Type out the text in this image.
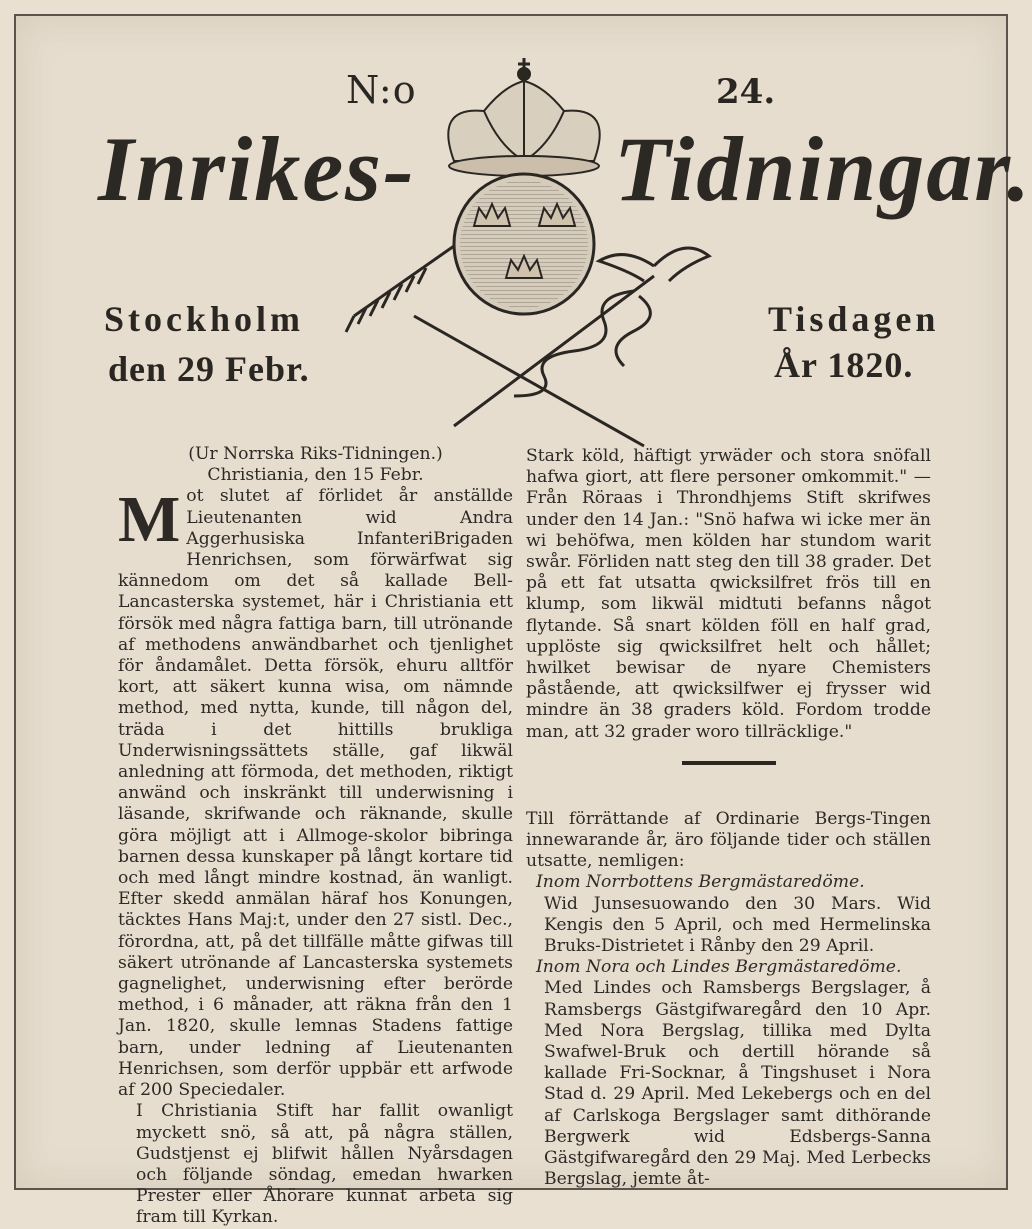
N:o	24.
Inrikes- Tidningar.
Stockholm
den 29 Febr.
Tisdagen
År 1820.

(Ur Norrska Riks-Tidningen.)

Christiania, den 15 Febr.

Mot slutet af förlidet år anställde Lieutenanten wid Andra Aggerhusiska InfanteriBrigaden Henrichsen, som förwärfwat sig kännedom om det så kallade Bell-Lancasterska systemet, här i Christiania ett försök med några fattiga barn, till utrönande af methodens anwändbarhet och tjenlighet för åndamålet. Detta försök, ehuru alltför kort, att säkert kunna wisa, om nämnde method, med nytta, kunde, till någon del, träda i det hittills brukliga Underwisningssättets ställe, gaf likwäl anledning att förmoda, det methoden, riktigt anwänd och inskränkt till underwisning i läsande, skrifwande och räknande, skulle göra möjligt att i Allmoge-skolor bibringa barnen dessa kunskaper på långt kortare tid och med långt mindre kostnad, än wanligt. Efter skedd anmälan häraf hos Konungen, täcktes Hans Maj:t, under den 27 sistl. Dec., förordna, att, på det tillfälle måtte gifwas till säkert utrönande af Lancasterska systemets gagnelighet, underwisning efter berörde method, i 6 månader, att räkna från den 1 Jan. 1820, skulle lemnas Stadens fattige barn, under ledning af Lieutenanten Henrichsen, som derför uppbär ett arfwode af 200 Speciedaler.

I Christiania Stift har fallit owanligt myckett snö, så att, på några ställen, Gudstjenst ej blifwit hållen Nyårsdagen och följande söndag, emedan hwarken Prester eller Åhörare kunnat arbeta sig fram till Kyrkan.

Stark köld, häftigt yrwäder och stora snöfall hafwa giort, att flere personer omkommit." — Från Röraas i Throndhjems Stift skrifwes under den 14 Jan.: "Snö hafwa wi icke mer än wi behöfwa, men kölden har stundom warit swår. Förliden natt steg den till 38 grader. Det på ett fat utsatta qwicksilfret frös till en klump, som likwäl midtuti befanns något flytande. Så snart kölden föll en half grad, upplöste sig qwicksilfret helt och hållet; hwilket bewisar de nyare Chemisters påstående, att qwicksilfwer ej frysser wid mindre än 38 graders köld. Fordom trodde man, att 32 grader woro tillräcklige."

Till förrättande af Ordinarie Bergs-Tingen innewarande år, äro följande tider och ställen utsatte, nemligen:

Inom Norrbottens Bergmästaredöme.

Wid Junsesuowando den 30 Mars. Wid Kengis den 5 April, och med Hermelinska Bruks-Distrietet i Rånby den 29 April.

Inom Nora och Lindes Bergmästaredöme.

Med Lindes och Ramsbergs Bergslager, å Ramsbergs Gästgifwaregård den 10 Apr. Med Nora Bergslag, tillika med Dylta Swafwel-Bruk och dertill hörande så kallade Fri-Socknar, å Tingshuset i Nora Stad d. 29 April. Med Lekebergs och en del af Carlskoga Bergslager samt dithörande Bergwerk wid Edsbergs-Sanna Gästgifwaregård den 29 Maj. Med Lerbecks Bergslag, jemte åt-
